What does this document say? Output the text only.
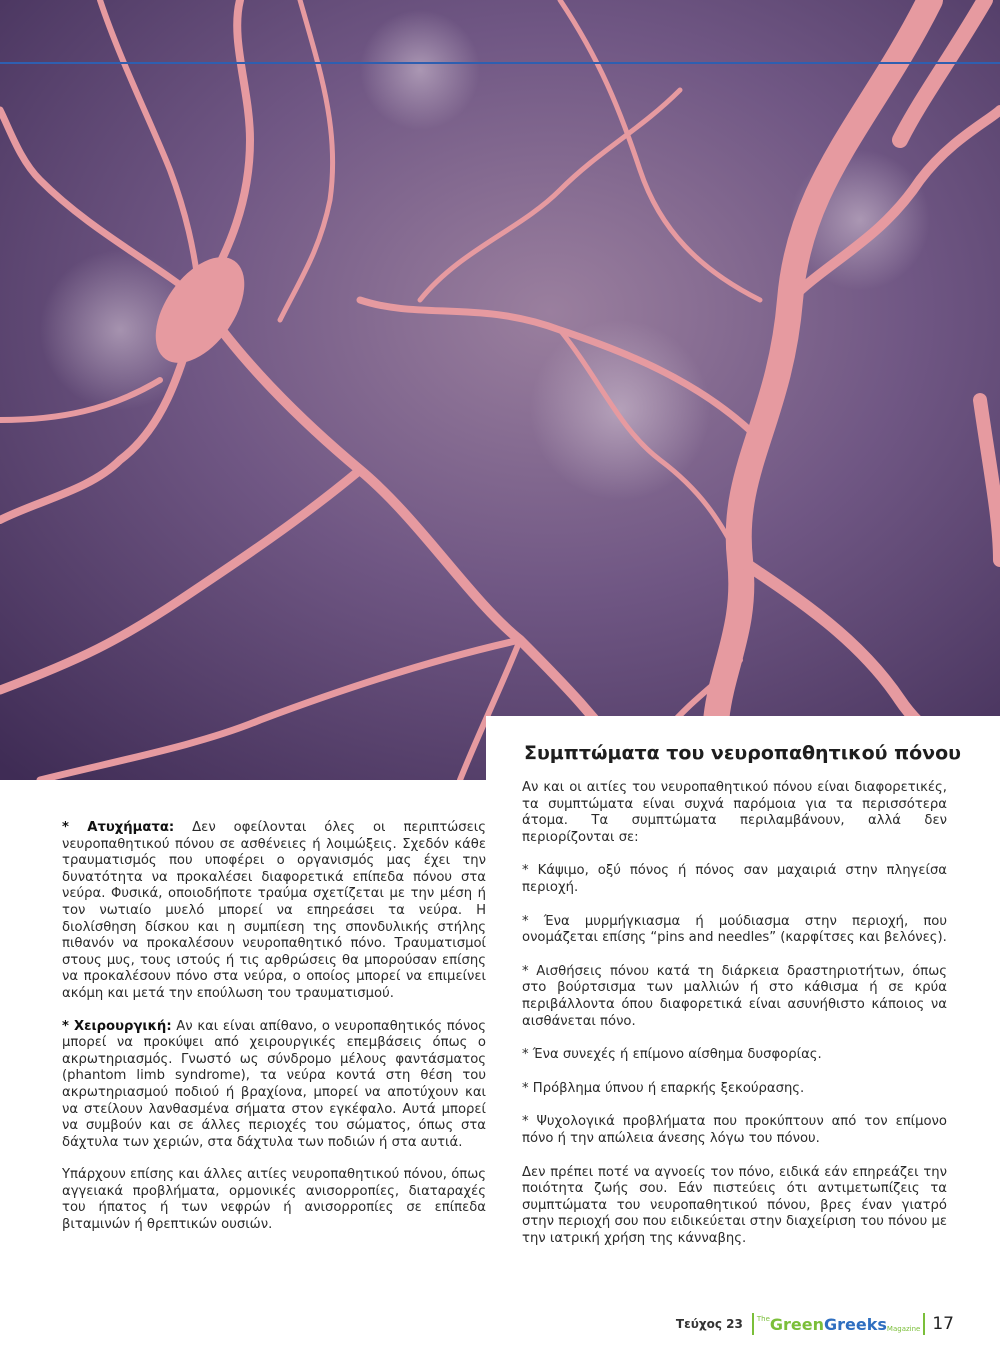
Συμπτώματα του νευροπαθητικού πόνου

* Ατυχήματα: Δεν οφείλονται όλες οι περιπτώσεις νευροπαθητικού πόνου σε ασθένειες ή λοιμώξεις. Σχεδόν κάθε τραυματισμός που υποφέρει ο οργανισμός μας έχει την δυνατότητα να προκαλέσει διαφορετικά επίπεδα πόνου στα νεύρα. Φυσικά, οποιοδήποτε τραύμα σχετίζεται με την μέση ή τον νωτιαίο μυελό μπορεί να επηρεάσει τα νεύρα. Η διολίσθηση δίσκου και η συμπίεση της σπονδυλικής στήλης πιθανόν να προκαλέσουν νευροπαθητικό πόνο. Τραυματισμοί στους μυς, τους ιστούς ή τις αρθρώσεις θα μπορούσαν επίσης να προκαλέσουν πόνο στα νεύρα, ο οποίος μπορεί να επιμείνει ακόμη και μετά την επούλωση του τραυματισμού.

* Χειρουργική: Αν και είναι απίθανο, ο νευροπαθητικός πόνος μπορεί να προκύψει από χειρουργικές επεμβάσεις όπως ο ακρωτηριασμός. Γνωστό ως σύνδρομο μέλους φαντάσματος (phantom limb syndrome), τα νεύρα κοντά στη θέση του ακρωτηριασμού ποδιού ή βραχίονα, μπορεί να αποτύχουν και να στείλουν λανθασμένα σήματα στον εγκέφαλο. Αυτά μπορεί να συμβούν και σε άλλες περιοχές του σώματος, όπως στα δάχτυλα των χεριών, στα δάχτυλα των ποδιών ή στα αυτιά.

Υπάρχουν επίσης και άλλες αιτίες νευροπαθητικού πόνου, όπως αγγειακά προβλήματα, ορμονικές ανισορροπίες, διαταραχές του ήπατος ή των νεφρών ή ανισορροπίες σε επίπεδα βιταμινών ή θρεπτικών ουσιών.

Αν και οι αιτίες του νευροπαθητικού πόνου είναι διαφορετικές, τα συμπτώματα είναι συχνά παρόμοια για τα περισσότερα άτομα. Τα συμπτώματα περιλαμβάνουν, αλλά δεν περιορίζονται σε:

* Κάψιμο, οξύ πόνος ή πόνος σαν μαχαιριά στην πληγείσα περιοχή.

* Ένα μυρμήγκιασμα ή μούδιασμα στην περιοχή, που ονομάζεται επίσης “pins and needles” (καρφίτσες και βελόνες).

* Αισθήσεις πόνου κατά τη διάρκεια δραστηριοτήτων, όπως στο βούρτσισμα των μαλλιών ή στο κάθισμα ή σε κρύα περιβάλλοντα όπου διαφορετικά είναι ασυνήθιστο κάποιος να αισθάνεται πόνο.

* Ένα συνεχές ή επίμονο αίσθημα δυσφορίας.

* Πρόβλημα ύπνου ή επαρκής ξεκούρασης.

* Ψυχολογικά προβλήματα που προκύπτουν από τον επίμονο πόνο ή την απώλεια άνεσης λόγω του πόνου.

Δεν πρέπει ποτέ να αγνοείς τον πόνο, ειδικά εάν επηρεάζει την ποιότητα ζωής σου. Εάν πιστεύεις ότι αντιμετωπίζεις τα συμπτώματα του νευροπαθητικού πόνου, βρες έναν γιατρό στην περιοχή σου που ειδικεύεται στην διαχείριση του πόνου με την ιατρική χρήση της κάνναβης.

Τεύχος 23 The Green Greeks Magazine 17
